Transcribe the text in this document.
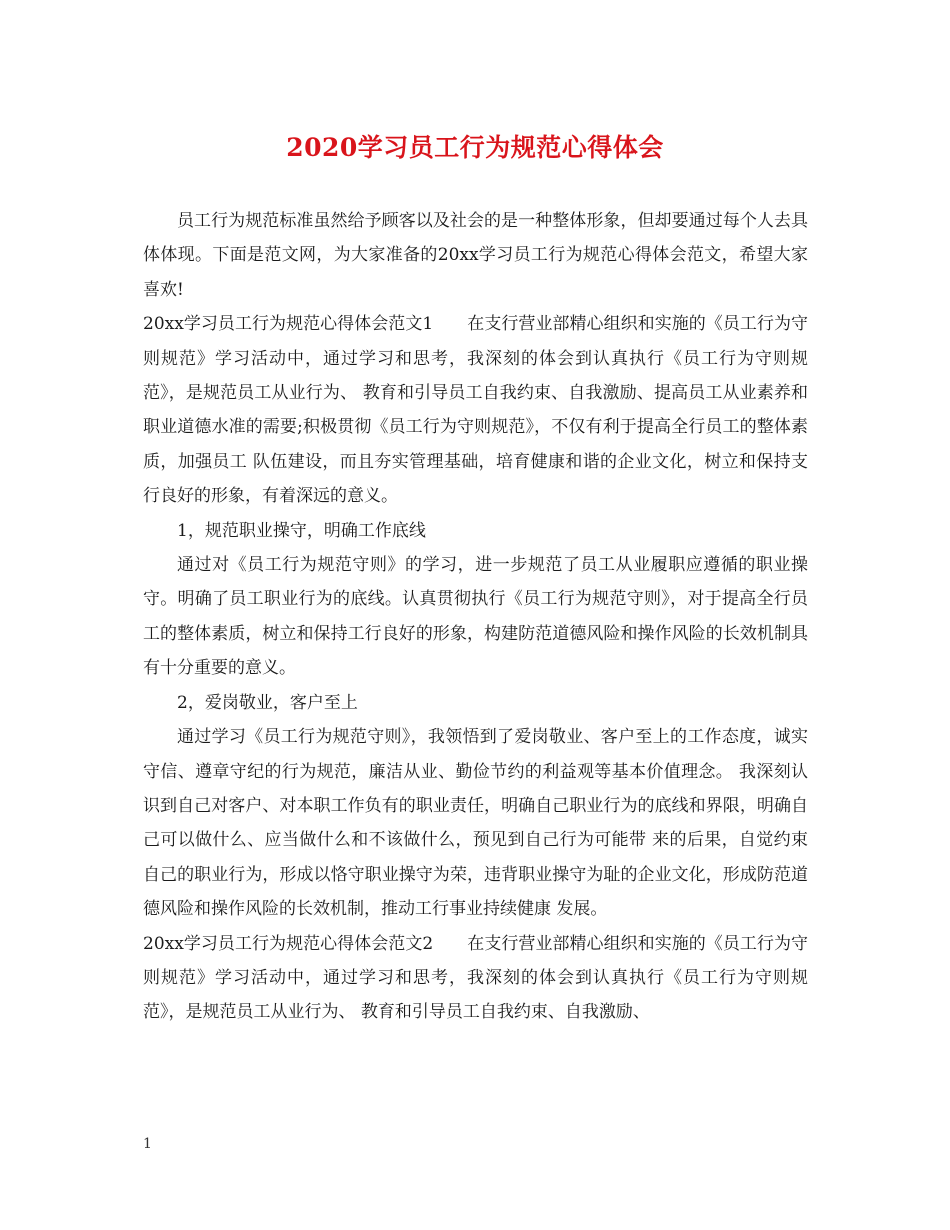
2020学习员工行为规范心得体会

员工行为规范标准虽然给予顾客以及社会的是一种整体形象，但却要通过每个人去具体体现。下面是范文网，为大家准备的20xx学习员工行为规范心得体会范文，希望大家喜欢!

20xx学习员工行为规范心得体会范文1　　在支行营业部精心组织和实施的《员工行为守则规范》学习活动中，通过学习和思考，我深刻的体会到认真执行《员工行为守则规范》，是规范员工从业行为、 教育和引导员工自我约束、自我激励、提高员工从业素养和职业道德水准的需要;积极贯彻《员工行为守则规范》，不仅有利于提高全行员工的整体素质，加强员工 队伍建设，而且夯实管理基础，培育健康和谐的企业文化，树立和保持支行良好的形象，有着深远的意义。

1，规范职业操守，明确工作底线

通过对《员工行为规范守则》的学习，进一步规范了员工从业履职应遵循的职业操守。明确了员工职业行为的底线。认真贯彻执行《员工行为规范守则》，对于提高全行员工的整体素质，树立和保持工行良好的形象，构建防范道德风险和操作风险的长效机制具有十分重要的意义。

2，爱岗敬业，客户至上

通过学习《员工行为规范守则》，我领悟到了爱岗敬业、客户至上的工作态度，诚实守信、遵章守纪的行为规范，廉洁从业、勤俭节约的利益观等基本价值理念。 我深刻认识到自己对客户、对本职工作负有的职业责任，明确自己职业行为的底线和界限，明确自己可以做什么、应当做什么和不该做什么，预见到自己行为可能带 来的后果，自觉约束自己的职业行为，形成以恪守职业操守为荣，违背职业操守为耻的企业文化，形成防范道德风险和操作风险的长效机制，推动工行事业持续健康 发展。

20xx学习员工行为规范心得体会范文2　　在支行营业部精心组织和实施的《员工行为守则规范》学习活动中，通过学习和思考，我深刻的体会到认真执行《员工行为守则规范》，是规范员工从业行为、 教育和引导员工自我约束、自我激励、

1
